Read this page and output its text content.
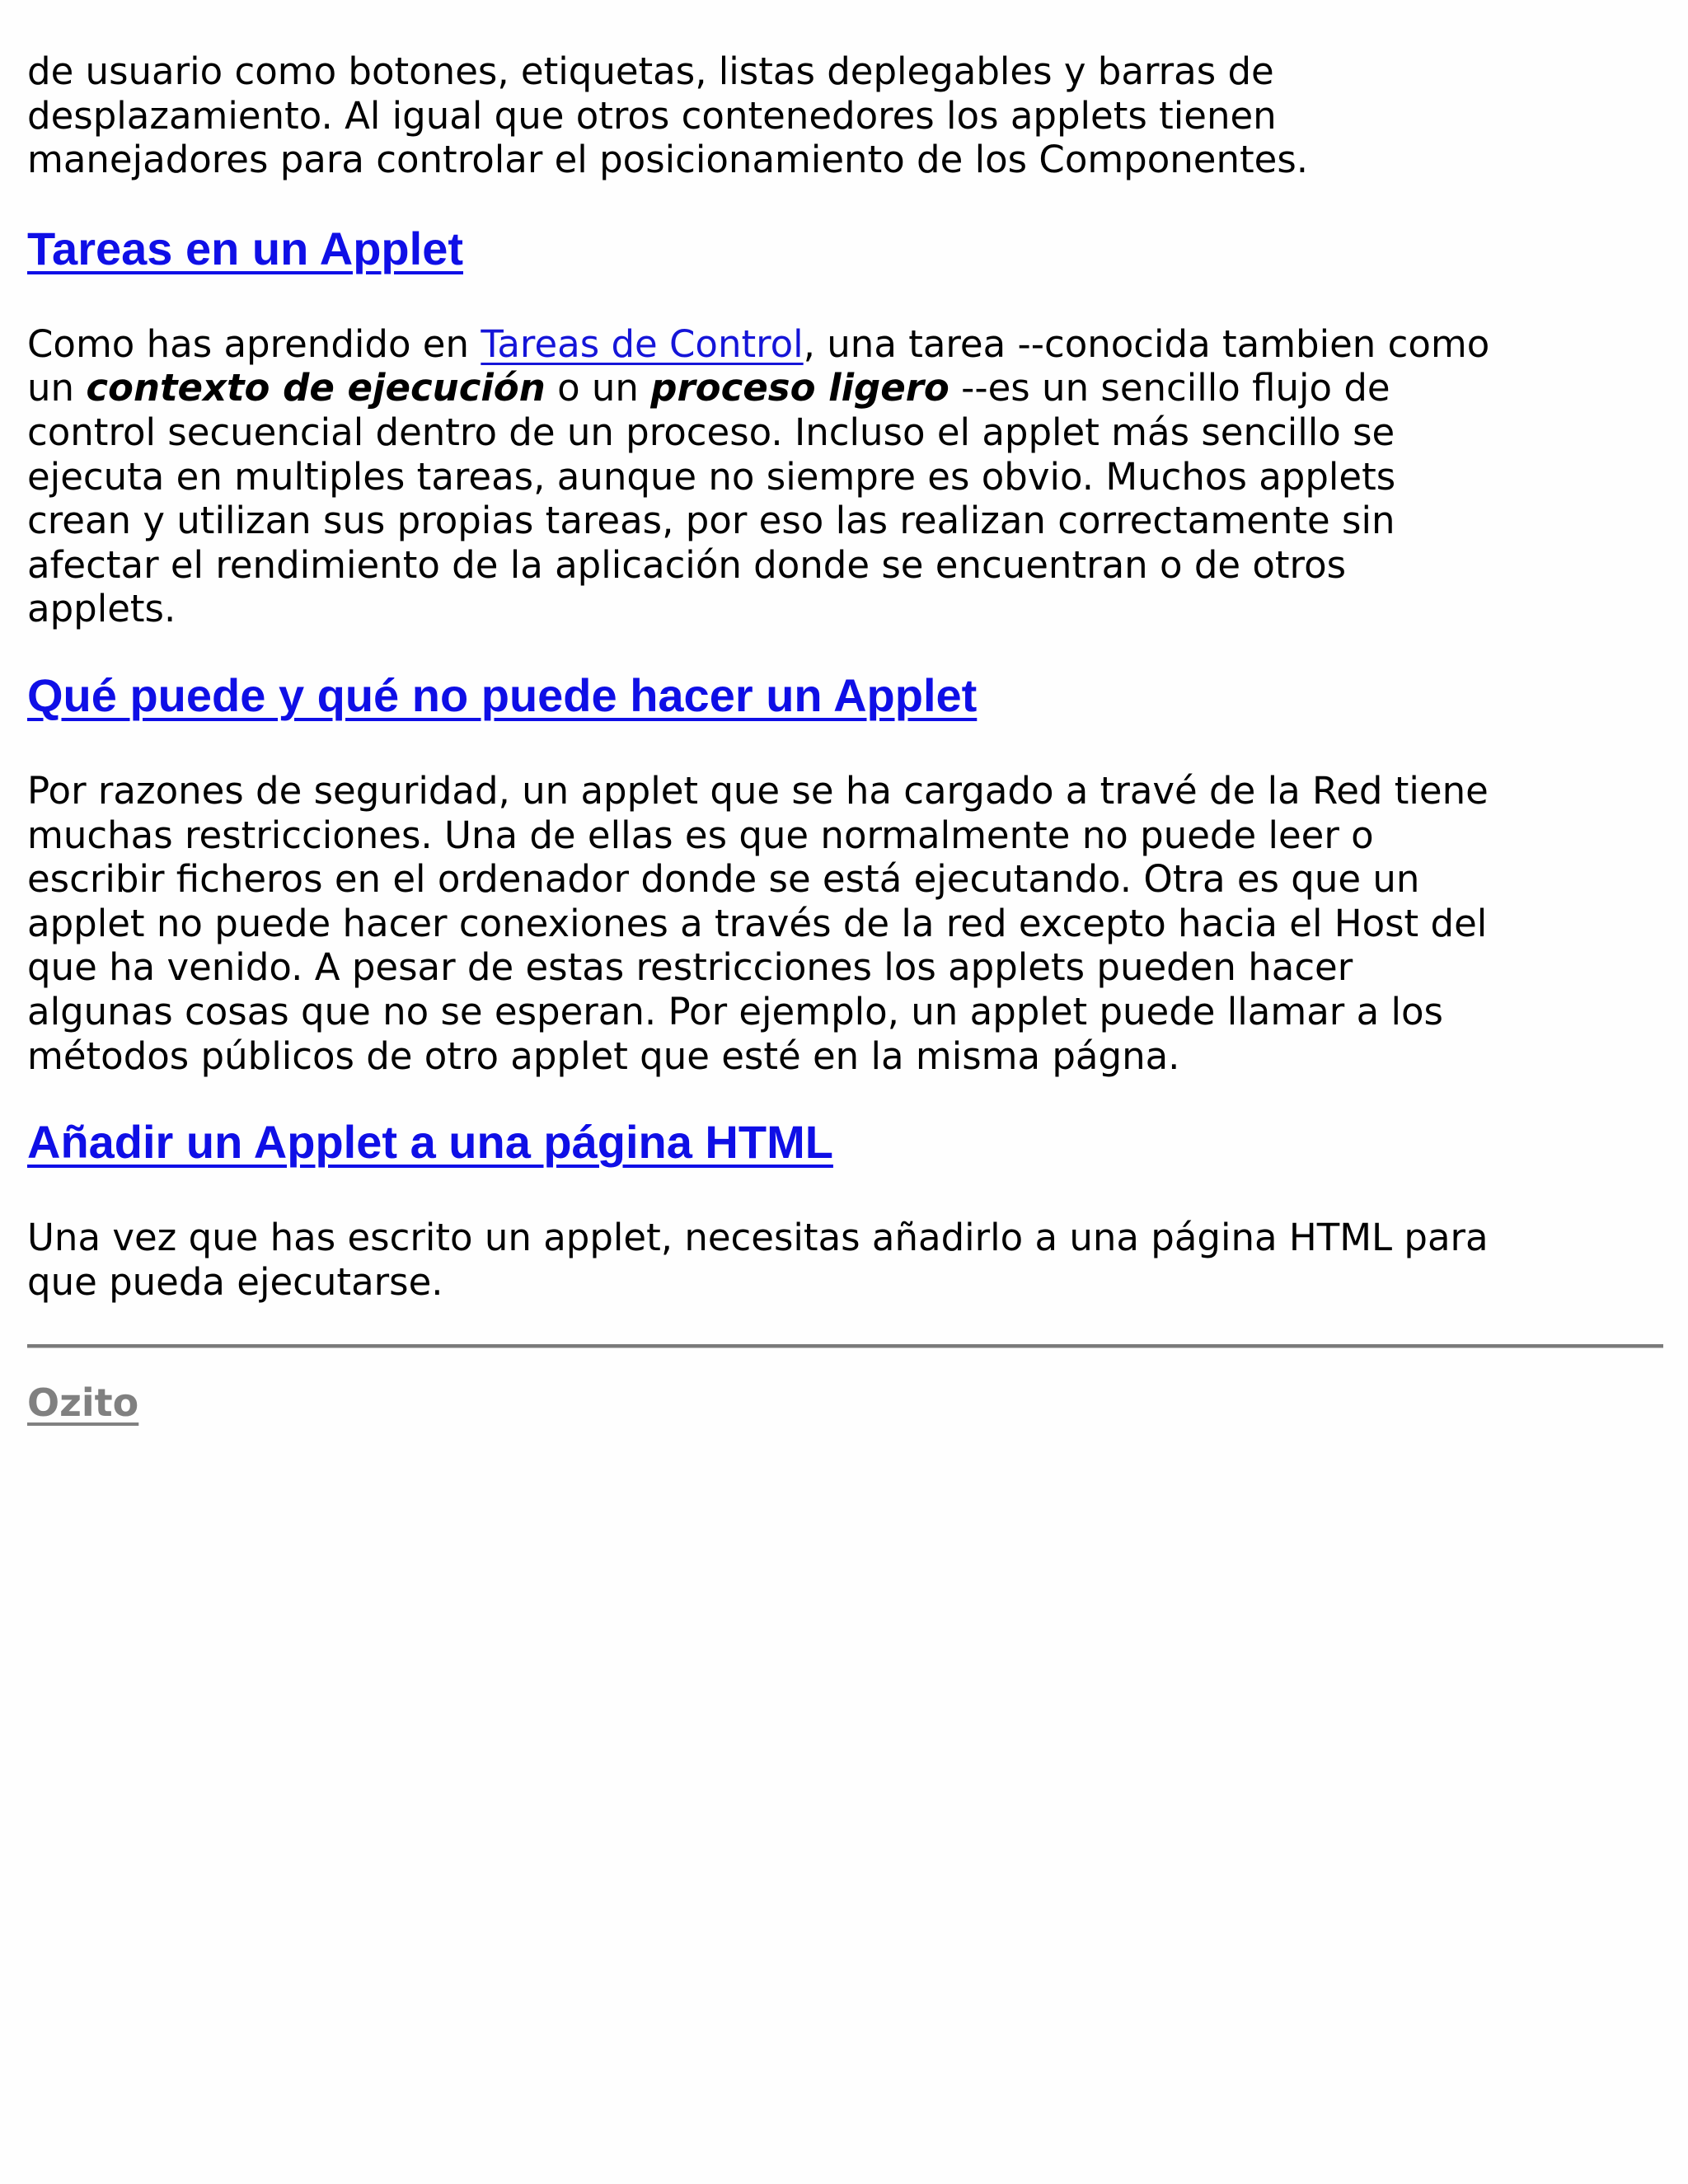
de usuario como botones, etiquetas, listas deplegables y barras de
desplazamiento. Al igual que otros contenedores los applets tienen
manejadores para controlar el posicionamiento de los Componentes.
Tareas en un Applet

Como has aprendido en Tareas de Control, una tarea --conocida tambien como un contexto de ejecución o un proceso ligero --es un sencillo flujo de control secuencial dentro de un proceso. Incluso el applet más sencillo se ejecuta en multiples tareas, aunque no siempre es obvio. Muchos applets crean y utilizan sus propias tareas, por eso las realizan correctamente sin afectar el rendimiento de la aplicación donde se encuentran o de otros applets.

Qué puede y qué no puede hacer un Applet

Por razones de seguridad, un applet que se ha cargado a travé de la Red tiene muchas restricciones. Una de ellas es que normalmente no puede leer o escribir ficheros en el ordenador donde se está ejecutando. Otra es que un applet no puede hacer conexiones a través de la red excepto hacia el Host del que ha venido. A pesar de estas restricciones los applets pueden hacer algunas cosas que no se esperan. Por ejemplo, un applet puede llamar a los métodos públicos de otro applet que esté en la misma págna.

Añadir un Applet a una página HTML

Una vez que has escrito un applet, necesitas añadirlo a una página HTML para que pueda ejecutarse.

Ozito
